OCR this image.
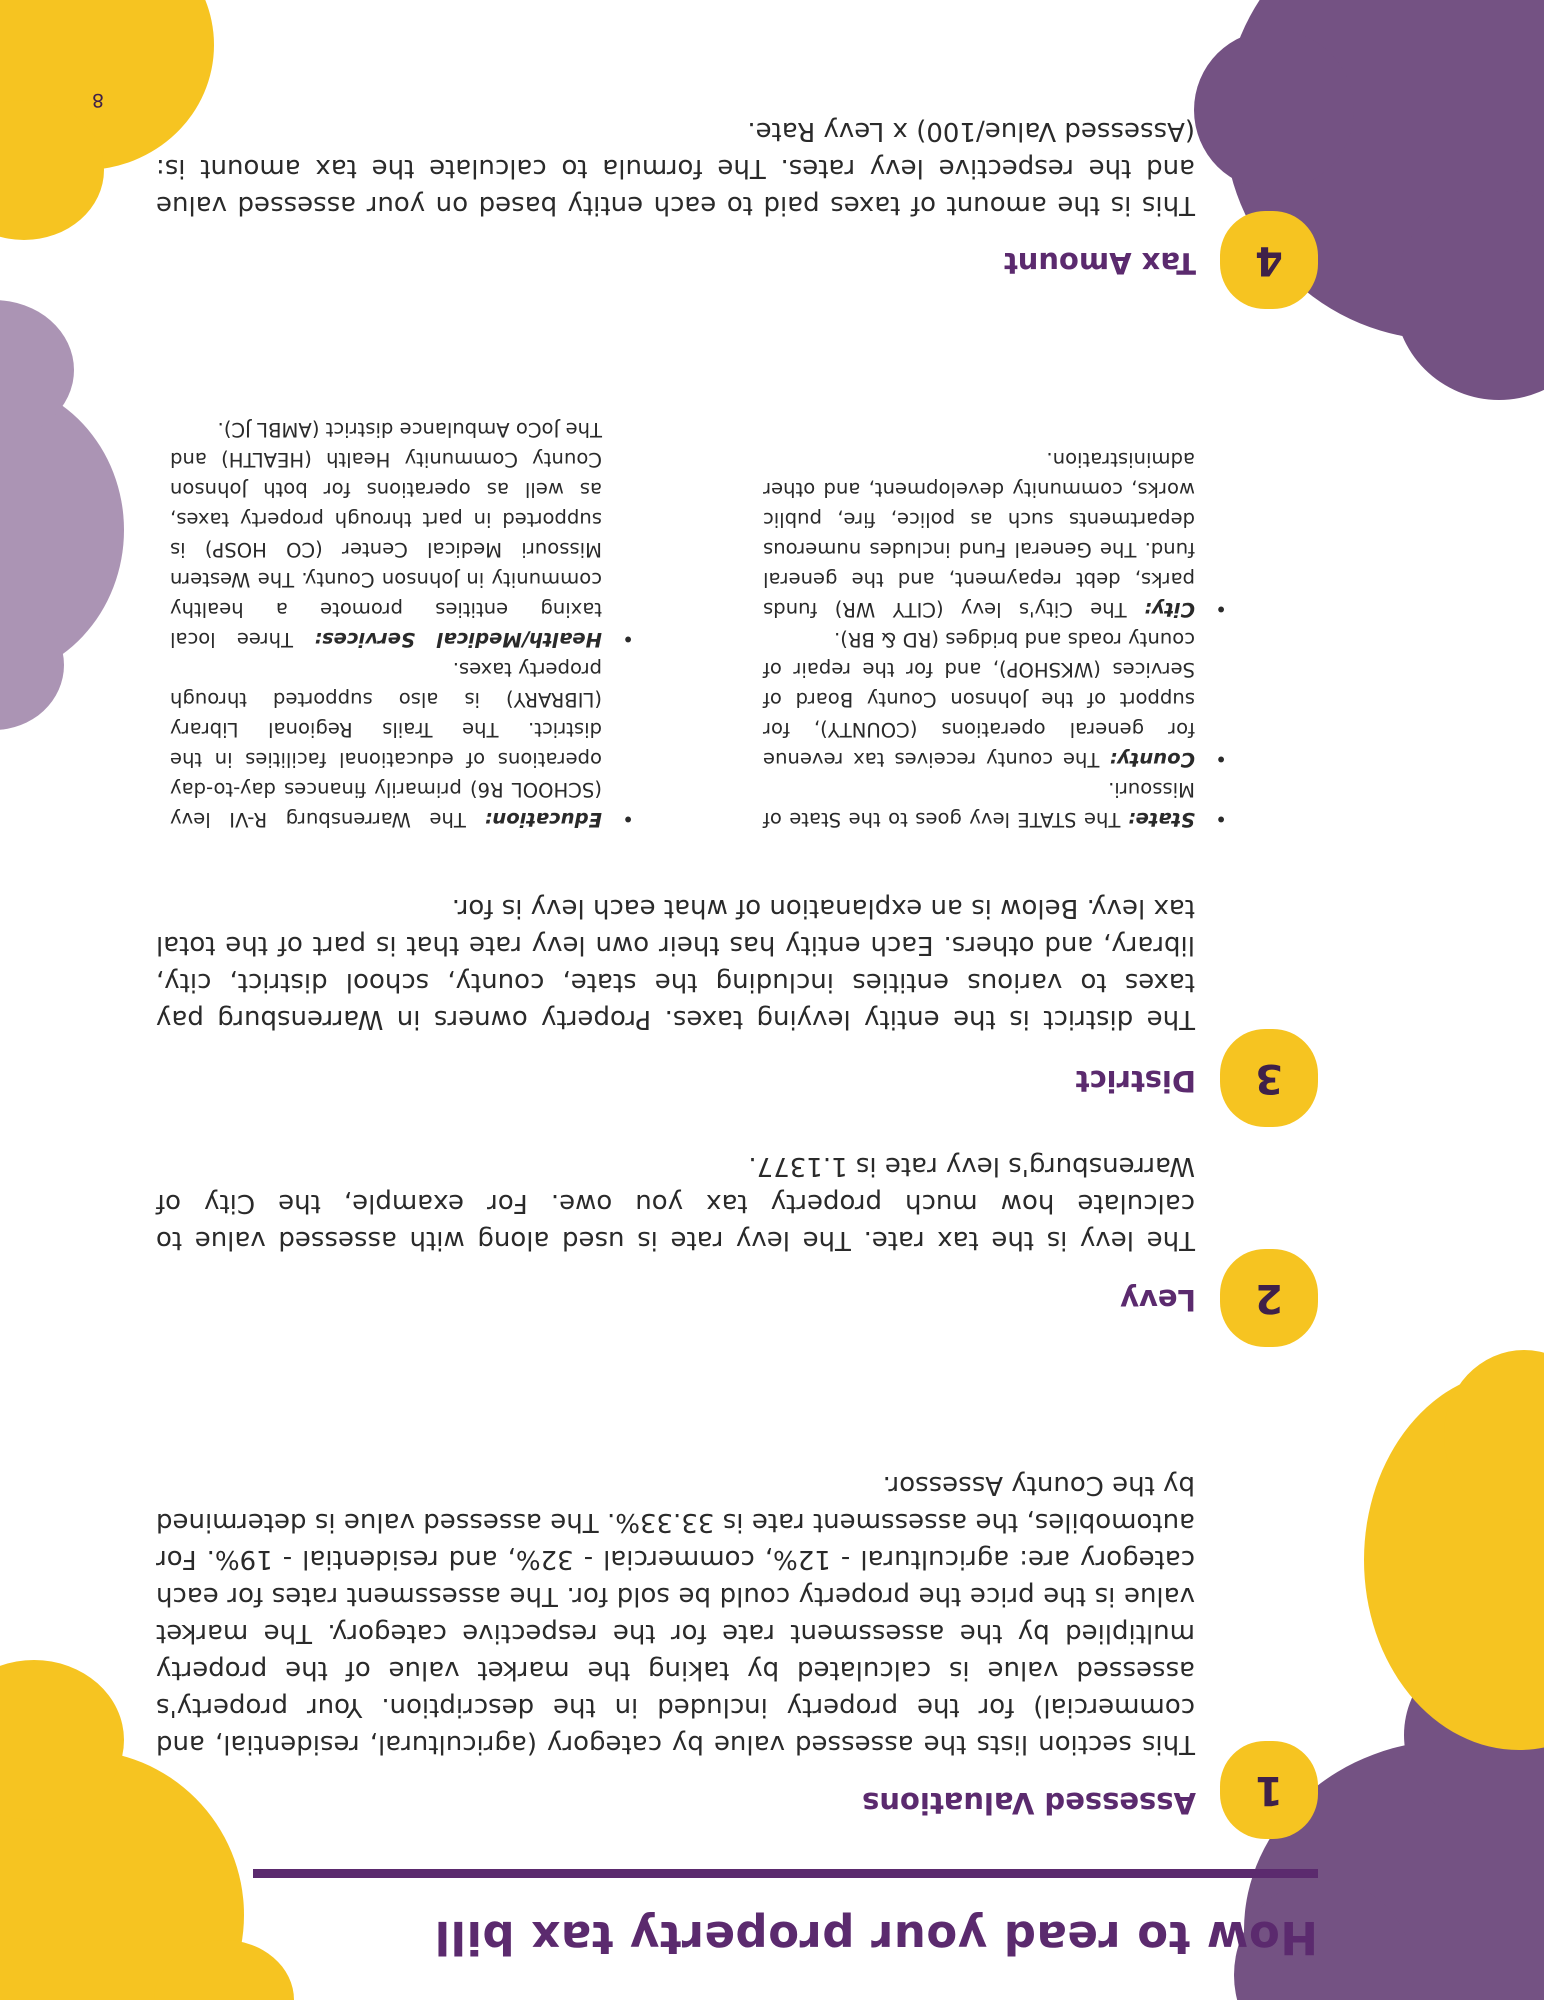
How to read your property tax bill
1
Assessed Valuations

This section lists the assessed value by category (agricultural, residential, and commercial) for the property included in the description. Your property's assessed value is calculated by taking the market value of the property multiplied by the assessment rate for the respective category. The market value is the price the property could be sold for. The assessment rates for each category are: agricultural - 12%, commercial - 32%, and residential - 19%. For automobiles, the assessment rate is 33.33%. The assessed value is determined by the County Assessor.

2
Levy

The levy is the tax rate. The levy rate is used along with assessed value to calculate how much property tax you owe. For example, the City of Warrensburg's levy rate is 1.1377.

3
District

The district is the entity levying taxes. Property owners in Warrensburg pay taxes to various entities including the state, county, school district, city, library, and others. Each entity has their own levy rate that is part of the total tax levy. Below is an explanation of what each levy is for.

• Education: The Warrensburg R-VI levy (SCHOOL R6) primarily finances day-to-day operations of educational facilities in the district. The Trails Regional Library (LIBRARY) is also supported through property taxes.
• Health/Medical Services: Three local taxing entities promote a healthy community in Johnson County. The Western Missouri Medical Center (CO HOSP) is supported in part through property taxes, as well as operations for both Johnson County Community Health (HEALTH) and The JoCo Ambulance district (AMBL JC).
• State: The STATE levy goes to the State of Missouri.
• County: The county receives tax revenue for general operations (COUNTY), for support of the Johnson County Board of Services (WKSHOP), and for the repair of county roads and bridges (RD & BR).
• City: The City's levy (CITY WR) funds parks, debt repayment, and the general fund. The General Fund includes numerous departments such as police, fire, public works, community development, and other administration.
4
Tax Amount

This is the amount of taxes paid to each entity based on your assessed value and the respective levy rates. The formula to calculate the tax amount is: (Assessed Value/100) x Levy Rate.

8
